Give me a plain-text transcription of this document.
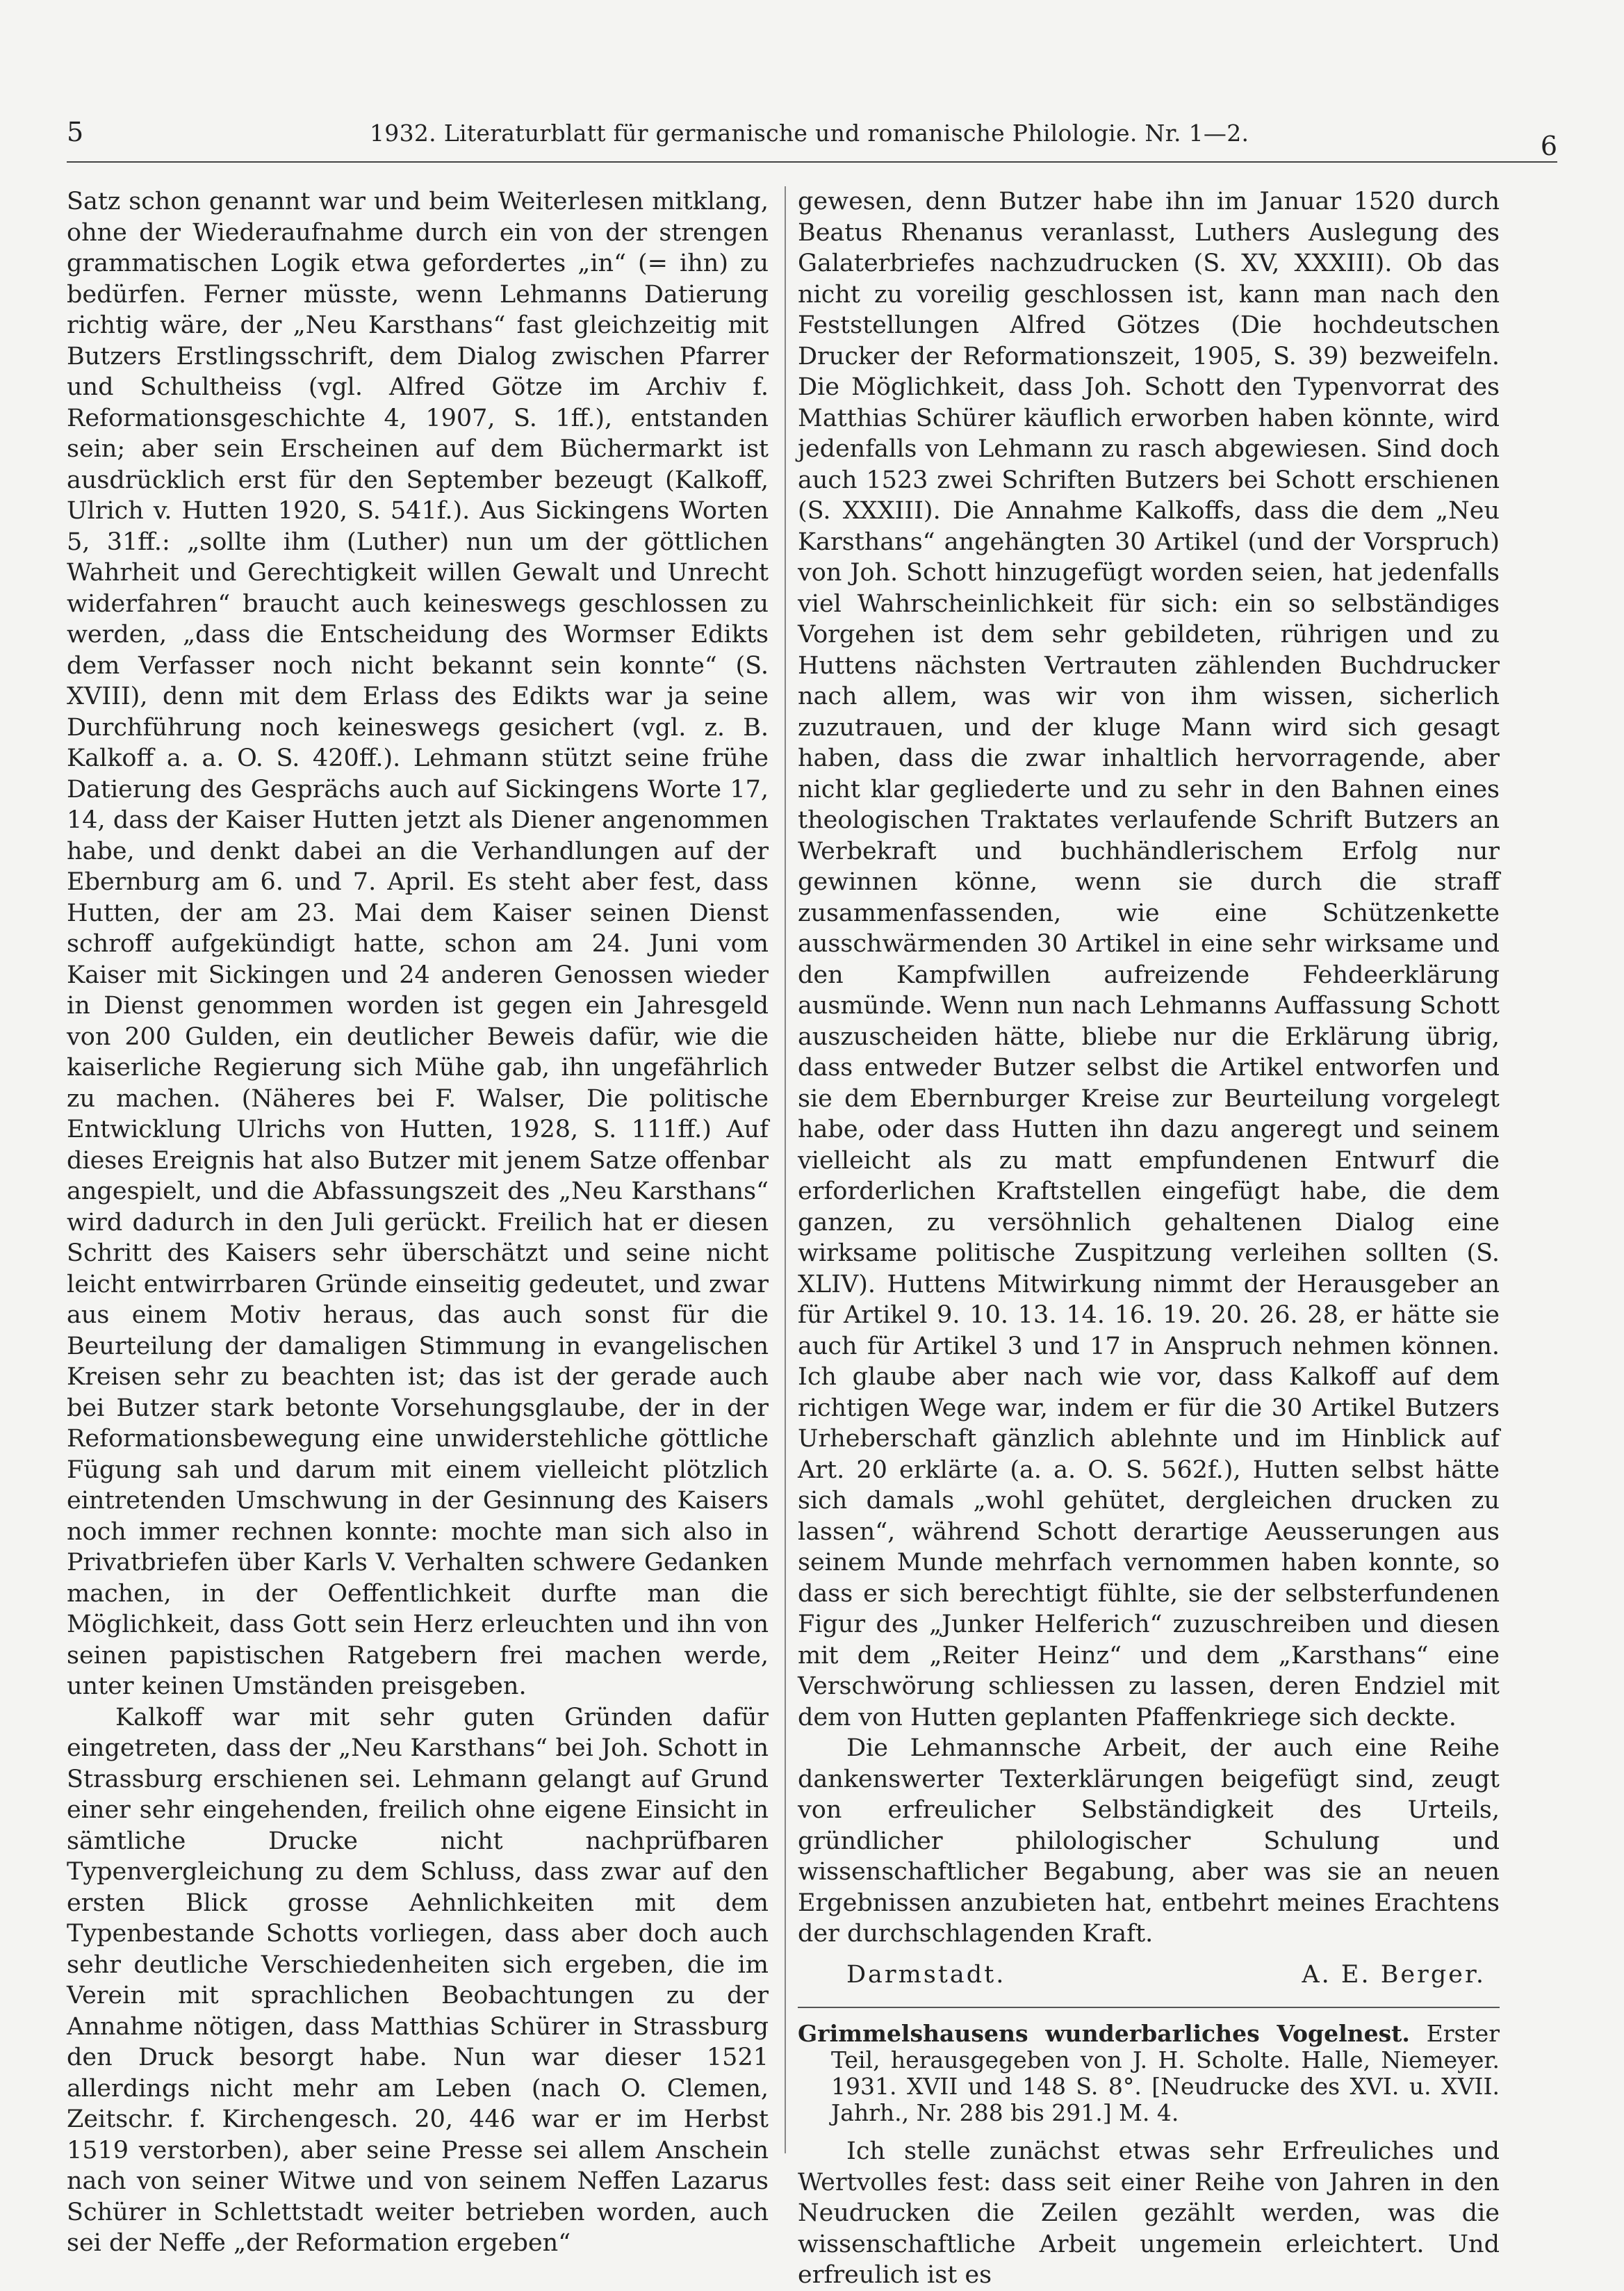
5	1932. Literaturblatt für germanische und romanische Philologie. Nr. 1—2.	6

Satz schon genannt war und beim Weiterlesen mitklang, ohne der Wiederaufnahme durch ein von der strengen grammatischen Logik etwa gefordertes „in“ (= ihn) zu bedürfen. Ferner müsste, wenn Lehmanns Datierung richtig wäre, der „Neu Karsthans“ fast gleichzeitig mit Butzers Erstlingsschrift, dem Dialog zwischen Pfarrer und Schultheiss (vgl. Alfred Götze im Archiv f. Reformationsgeschichte 4, 1907, S. 1ff.), entstanden sein; aber sein Erscheinen auf dem Büchermarkt ist ausdrücklich erst für den September bezeugt (Kalkoff, Ulrich v. Hutten 1920, S. 541f.). Aus Sickingens Worten 5, 31ff.: „sollte ihm (Luther) nun um der göttlichen Wahrheit und Gerechtigkeit willen Gewalt und Unrecht widerfahren“ braucht auch keineswegs geschlossen zu werden, „dass die Entscheidung des Wormser Edikts dem Verfasser noch nicht bekannt sein konnte“ (S. XVIII), denn mit dem Erlass des Edikts war ja seine Durchführung noch keineswegs gesichert (vgl. z. B. Kalkoff a. a. O. S. 420ff.). Lehmann stützt seine frühe Datierung des Gesprächs auch auf Sickingens Worte 17, 14, dass der Kaiser Hutten jetzt als Diener angenommen habe, und denkt dabei an die Verhandlungen auf der Ebernburg am 6. und 7. April. Es steht aber fest, dass Hutten, der am 23. Mai dem Kaiser seinen Dienst schroff aufgekündigt hatte, schon am 24. Juni vom Kaiser mit Sickingen und 24 anderen Genossen wieder in Dienst genommen worden ist gegen ein Jahresgeld von 200 Gulden, ein deutlicher Beweis dafür, wie die kaiserliche Regierung sich Mühe gab, ihn ungefährlich zu machen. (Näheres bei F. Walser, Die politische Entwicklung Ulrichs von Hutten, 1928, S. 111ff.) Auf dieses Ereignis hat also Butzer mit jenem Satze offenbar angespielt, und die Abfassungszeit des „Neu Karsthans“ wird dadurch in den Juli gerückt. Freilich hat er diesen Schritt des Kaisers sehr überschätzt und seine nicht leicht entwirrbaren Gründe einseitig gedeutet, und zwar aus einem Motiv heraus, das auch sonst für die Beurteilung der damaligen Stimmung in evangelischen Kreisen sehr zu beachten ist; das ist der gerade auch bei Butzer stark betonte Vorsehungsglaube, der in der Reformationsbewegung eine unwiderstehliche göttliche Fügung sah und darum mit einem vielleicht plötzlich eintretenden Umschwung in der Gesinnung des Kaisers noch immer rechnen konnte: mochte man sich also in Privatbriefen über Karls V. Verhalten schwere Gedanken machen, in der Oeffentlichkeit durfte man die Möglichkeit, dass Gott sein Herz erleuchten und ihn von seinen papistischen Ratgebern frei machen werde, unter keinen Umständen preisgeben.

Kalkoff war mit sehr guten Gründen dafür eingetreten, dass der „Neu Karsthans“ bei Joh. Schott in Strassburg erschienen sei. Lehmann gelangt auf Grund einer sehr eingehenden, freilich ohne eigene Einsicht in sämtliche Drucke nicht nachprüfbaren Typenvergleichung zu dem Schluss, dass zwar auf den ersten Blick grosse Aehnlichkeiten mit dem Typenbestande Schotts vorliegen, dass aber doch auch sehr deutliche Verschiedenheiten sich ergeben, die im Verein mit sprachlichen Beobachtungen zu der Annahme nötigen, dass Matthias Schürer in Strassburg den Druck besorgt habe. Nun war dieser 1521 allerdings nicht mehr am Leben (nach O. Clemen, Zeitschr. f. Kirchengesch. 20, 446 war er im Herbst 1519 verstorben), aber seine Presse sei allem Anschein nach von seiner Witwe und von seinem Neffen Lazarus Schürer in Schlettstadt weiter betrieben worden, auch sei der Neffe „der Reformation ergeben“

gewesen, denn Butzer habe ihn im Januar 1520 durch Beatus Rhenanus veranlasst, Luthers Auslegung des Galaterbriefes nachzudrucken (S. XV, XXXIII). Ob das nicht zu voreilig geschlossen ist, kann man nach den Feststellungen Alfred Götzes (Die hochdeutschen Drucker der Reformationszeit, 1905, S. 39) bezweifeln. Die Möglichkeit, dass Joh. Schott den Typenvorrat des Matthias Schürer käuflich erworben haben könnte, wird jedenfalls von Lehmann zu rasch abgewiesen. Sind doch auch 1523 zwei Schriften Butzers bei Schott erschienen (S. XXXIII). Die Annahme Kalkoffs, dass die dem „Neu Karsthans“ angehängten 30 Artikel (und der Vorspruch) von Joh. Schott hinzugefügt worden seien, hat jedenfalls viel Wahrscheinlichkeit für sich: ein so selbständiges Vorgehen ist dem sehr gebildeten, rührigen und zu Huttens nächsten Vertrauten zählenden Buchdrucker nach allem, was wir von ihm wissen, sicherlich zuzutrauen, und der kluge Mann wird sich gesagt haben, dass die zwar inhaltlich hervorragende, aber nicht klar gegliederte und zu sehr in den Bahnen eines theologischen Traktates verlaufende Schrift Butzers an Werbekraft und buchhändlerischem Erfolg nur gewinnen könne, wenn sie durch die straff zusammenfassenden, wie eine Schützenkette ausschwärmenden 30 Artikel in eine sehr wirksame und den Kampfwillen aufreizende Fehdeerklärung ausmünde. Wenn nun nach Lehmanns Auffassung Schott auszuscheiden hätte, bliebe nur die Erklärung übrig, dass entweder Butzer selbst die Artikel entworfen und sie dem Ebernburger Kreise zur Beurteilung vorgelegt habe, oder dass Hutten ihn dazu angeregt und seinem vielleicht als zu matt empfundenen Entwurf die erforderlichen Kraftstellen eingefügt habe, die dem ganzen, zu versöhnlich gehaltenen Dialog eine wirksame politische Zuspitzung verleihen sollten (S. XLIV). Huttens Mitwirkung nimmt der Herausgeber an für Artikel 9. 10. 13. 14. 16. 19. 20. 26. 28, er hätte sie auch für Artikel 3 und 17 in Anspruch nehmen können. Ich glaube aber nach wie vor, dass Kalkoff auf dem richtigen Wege war, indem er für die 30 Artikel Butzers Urheberschaft gänzlich ablehnte und im Hinblick auf Art. 20 erklärte (a. a. O. S. 562f.), Hutten selbst hätte sich damals „wohl gehütet, dergleichen drucken zu lassen“, während Schott derartige Aeusserungen aus seinem Munde mehrfach vernommen haben konnte, so dass er sich berechtigt fühlte, sie der selbsterfundenen Figur des „Junker Helferich“ zuzuschreiben und diesen mit dem „Reiter Heinz“ und dem „Karsthans“ eine Verschwörung schliessen zu lassen, deren Endziel mit dem von Hutten geplanten Pfaffenkriege sich deckte.

Die Lehmannsche Arbeit, der auch eine Reihe dankenswerter Texterklärungen beigefügt sind, zeugt von erfreulicher Selbständigkeit des Urteils, gründlicher philologischer Schulung und wissenschaftlicher Begabung, aber was sie an neuen Ergebnissen anzubieten hat, entbehrt meines Erachtens der durchschlagenden Kraft.

Darmstadt.	A. E. Berger.

Grimmelshausens wunderbarliches Vogelnest. Erster Teil, herausgegeben von J. H. Scholte. Halle, Niemeyer. 1931. XVII und 148 S. 8°. [Neudrucke des XVI. u. XVII. Jahrh., Nr. 288 bis 291.] M. 4.

Ich stelle zunächst etwas sehr Erfreuliches und Wertvolles fest: dass seit einer Reihe von Jahren in den Neudrucken die Zeilen gezählt werden, was die wissenschaftliche Arbeit ungemein erleichtert. Und erfreulich ist es
